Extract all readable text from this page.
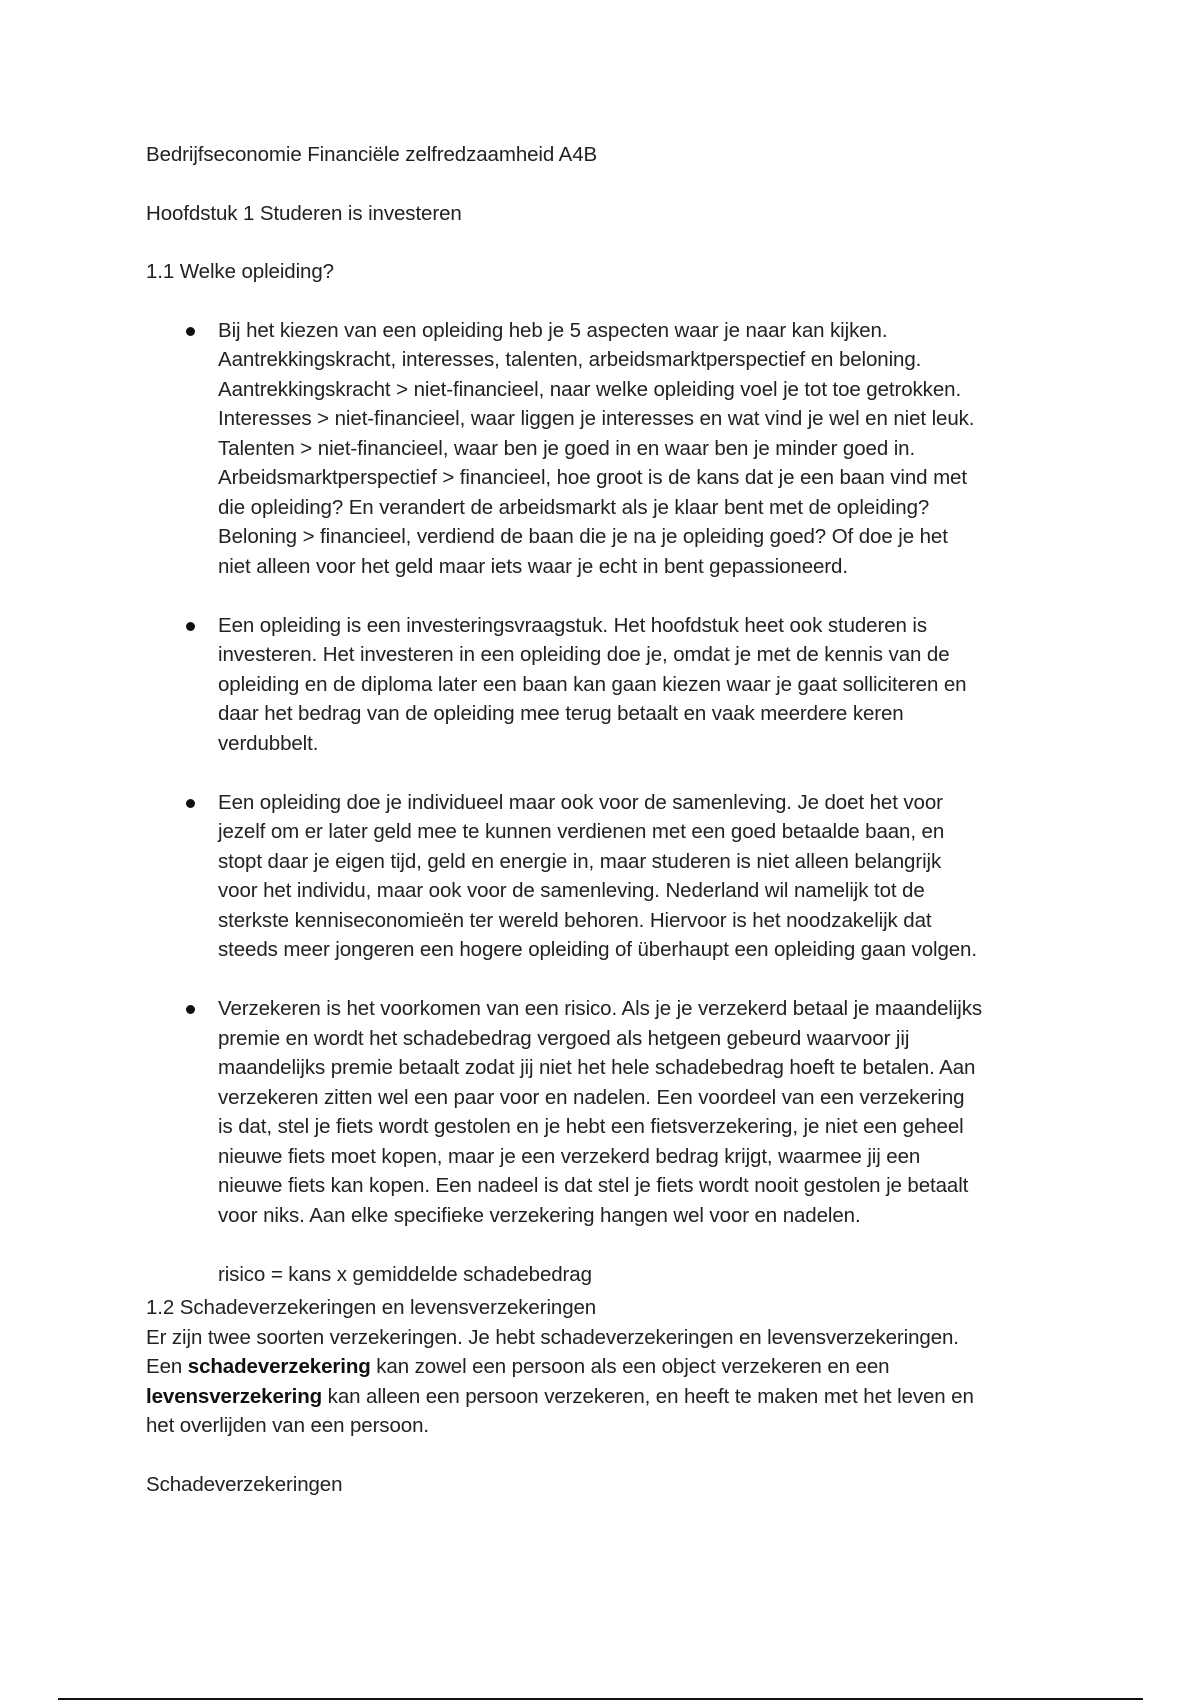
Bedrijfseconomie Financiële zelfredzaamheid A4B

Hoofdstuk 1 Studeren is investeren

1.1 Welke opleiding?

Bij het kiezen van een opleiding heb je 5 aspecten waar je naar kan kijken.
Aantrekkingskracht, interesses, talenten, arbeidsmarktperspectief en beloning.
Aantrekkingskracht > niet-financieel, naar welke opleiding voel je tot toe getrokken.
Interesses > niet-financieel, waar liggen je interesses en wat vind je wel en niet leuk.
Talenten > niet-financieel, waar ben je goed in en waar ben je minder goed in.
Arbeidsmarktperspectief > financieel, hoe groot is de kans dat je een baan vind met
die opleiding? En verandert de arbeidsmarkt als je klaar bent met de opleiding?
Beloning > financieel, verdiend de baan die je na je opleiding goed? Of doe je het
niet alleen voor het geld maar iets waar je echt in bent gepassioneerd.
Een opleiding is een investeringsvraagstuk. Het hoofdstuk heet ook studeren is
investeren. Het investeren in een opleiding doe je, omdat je met de kennis van de
opleiding en de diploma later een baan kan gaan kiezen waar je gaat solliciteren en
daar het bedrag van de opleiding mee terug betaalt en vaak meerdere keren
verdubbelt.
Een opleiding doe je individueel maar ook voor de samenleving. Je doet het voor
jezelf om er later geld mee te kunnen verdienen met een goed betaalde baan, en
stopt daar je eigen tijd, geld en energie in, maar studeren is niet alleen belangrijk
voor het individu, maar ook voor de samenleving. Nederland wil namelijk tot de
sterkste kenniseconomieën ter wereld behoren. Hiervoor is het noodzakelijk dat
steeds meer jongeren een hogere opleiding of überhaupt een opleiding gaan volgen.
Verzekeren is het voorkomen van een risico. Als je je verzekerd betaal je maandelijks
premie en wordt het schadebedrag vergoed als hetgeen gebeurd waarvoor jij
maandelijks premie betaalt zodat jij niet het hele schadebedrag hoeft te betalen. Aan
verzekeren zitten wel een paar voor en nadelen. Een voordeel van een verzekering
is dat, stel je fiets wordt gestolen en je hebt een fietsverzekering, je niet een geheel
nieuwe fiets moet kopen, maar je een verzekerd bedrag krijgt, waarmee jij een
nieuwe fiets kan kopen. Een nadeel is dat stel je fiets wordt nooit gestolen je betaalt
voor niks. Aan elke specifieke verzekering hangen wel voor en nadelen.

risico = kans x gemiddelde schadebedrag

1.2 Schadeverzekeringen en levensverzekeringen
Er zijn twee soorten verzekeringen. Je hebt schadeverzekeringen en levensverzekeringen.
Een schadeverzekering kan zowel een persoon als een object verzekeren en een
levensverzekering kan alleen een persoon verzekeren, en heeft te maken met het leven en
het overlijden van een persoon.

Schadeverzekeringen
